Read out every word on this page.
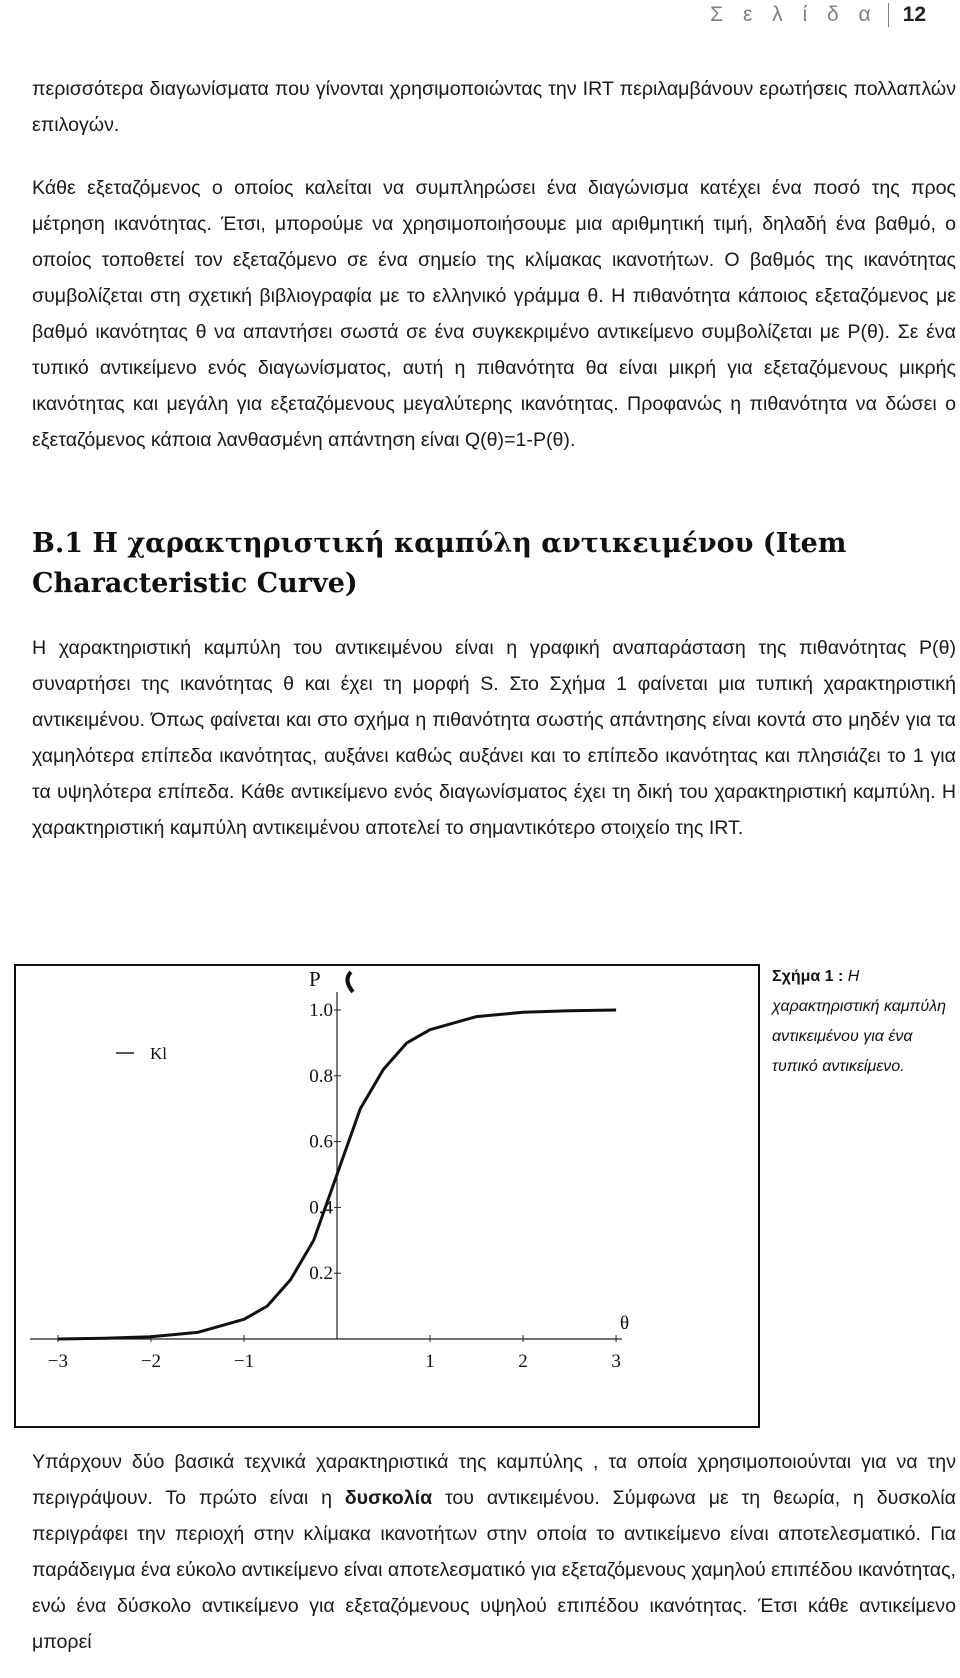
Σ ε λ ί δ α 12

περισσότερα διαγωνίσματα που γίνονται χρησιμοποιώντας την IRT περιλαμβάνουν ερωτήσεις πολλαπλών επιλογών.

Κάθε εξεταζόμενος ο οποίος καλείται να συμπληρώσει ένα διαγώνισμα κατέχει ένα ποσό της προς μέτρηση ικανότητας. Έτσι, μπορούμε να χρησιμοποιήσουμε μια αριθμητική τιμή, δηλαδή ένα βαθμό, ο οποίος τοποθετεί τον εξεταζόμενο σε ένα σημείο της κλίμακας ικανοτήτων. Ο βαθμός της ικανότητας συμβολίζεται στη σχετική βιβλιογραφία με το ελληνικό γράμμα θ. Η πιθανότητα κάποιος εξεταζόμενος με βαθμό ικανότητας θ να απαντήσει σωστά σε ένα συγκεκριμένο αντικείμενο συμβολίζεται με P(θ). Σε ένα τυπικό αντικείμενο ενός διαγωνίσματος, αυτή η πιθανότητα θα είναι μικρή για εξεταζόμενους μικρής ικανότητας και μεγάλη για εξεταζόμενους μεγαλύτερης ικανότητας. Προφανώς η πιθανότητα να δώσει ο εξεταζόμενος κάποια λανθασμένη απάντηση είναι Q(θ)=1-P(θ).

B.1 Η χαρακτηριστική καμπύλη αντικειμένου (Item Characteristic Curve)

Η χαρακτηριστική καμπύλη του αντικειμένου είναι η γραφική αναπαράσταση της πιθανότητας P(θ) συναρτήσει της ικανότητας θ και έχει τη μορφή S. Στο Σχήμα 1 φαίνεται μια τυπική χαρακτηριστική αντικειμένου. Όπως φαίνεται και στο σχήμα η πιθανότητα σωστής απάντησης είναι κοντά στο μηδέν για τα χαμηλότερα επίπεδα ικανότητας, αυξάνει καθώς αυξάνει και το επίπεδο ικανότητας και πλησιάζει το 1 για τα υψηλότερα επίπεδα. Κάθε αντικείμενο ενός διαγωνίσματος έχει τη δική του χαρακτηριστική καμπύλη. Η χαρακτηριστική καμπύλη αντικειμένου αποτελεί το σημαντικότερο στοιχείο της IRT.

−3	−2	−1	1	2	3
0.2
0.4
0.6
0.8
1.0
P
θ
Kl
Σχήμα 1 : Η χαρακτηριστική καμπύλη αντικειμένου για ένα τυπικό αντικείμενο.

Υπάρχουν δύο βασικά τεχνικά χαρακτηριστικά της καμπύλης , τα οποία χρησιμοποιούνται για να την περιγράψουν. Το πρώτο είναι η δυσκολία του αντικειμένου. Σύμφωνα με τη θεωρία, η δυσκολία περιγράφει την περιοχή στην κλίμακα ικανοτήτων στην οποία το αντικείμενο είναι αποτελεσματικό. Για παράδειγμα ένα εύκολο αντικείμενο είναι αποτελεσματικό για εξεταζόμενους χαμηλού επιπέδου ικανότητας, ενώ ένα δύσκολο αντικείμενο για εξεταζόμενους υψηλού επιπέδου ικανότητας. Έτσι κάθε αντικείμενο μπορεί
